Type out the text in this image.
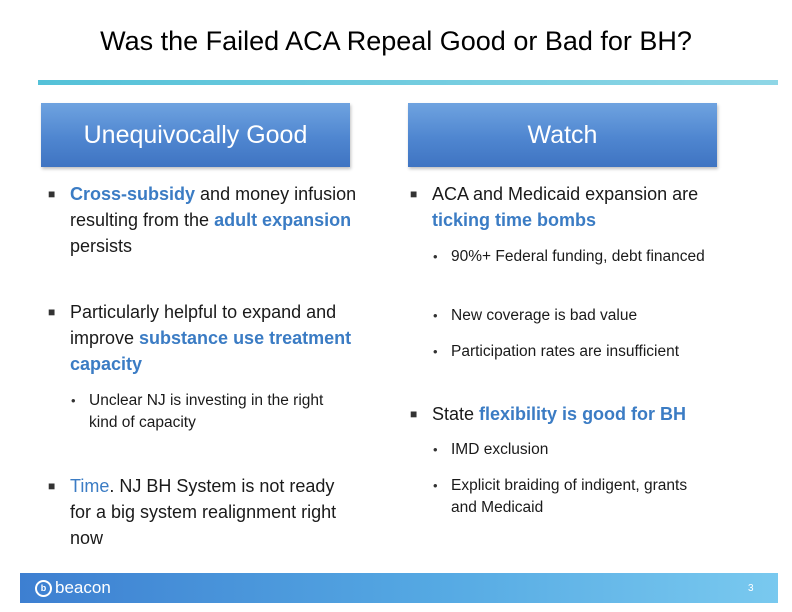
Was the Failed ACA Repeal Good or Bad for BH?
Unequivocally Good
■ Cross-subsidy and money infusion resulting from the adult expansion persists
■ Particularly helpful to expand and improve substance use treatment capacity
• Unclear NJ is investing in the right kind of capacity
■ Time. NJ BH System is not ready for a big system realignment right now
Watch
■ ACA and Medicaid expansion are ticking time bombs
• 90%+ Federal funding, debt financed
• New coverage is bad value
• Participation rates are insufficient
■ State flexibility is good for BH
• IMD exclusion
• Explicit braiding of indigent, grants and Medicaid
b beacon	3
